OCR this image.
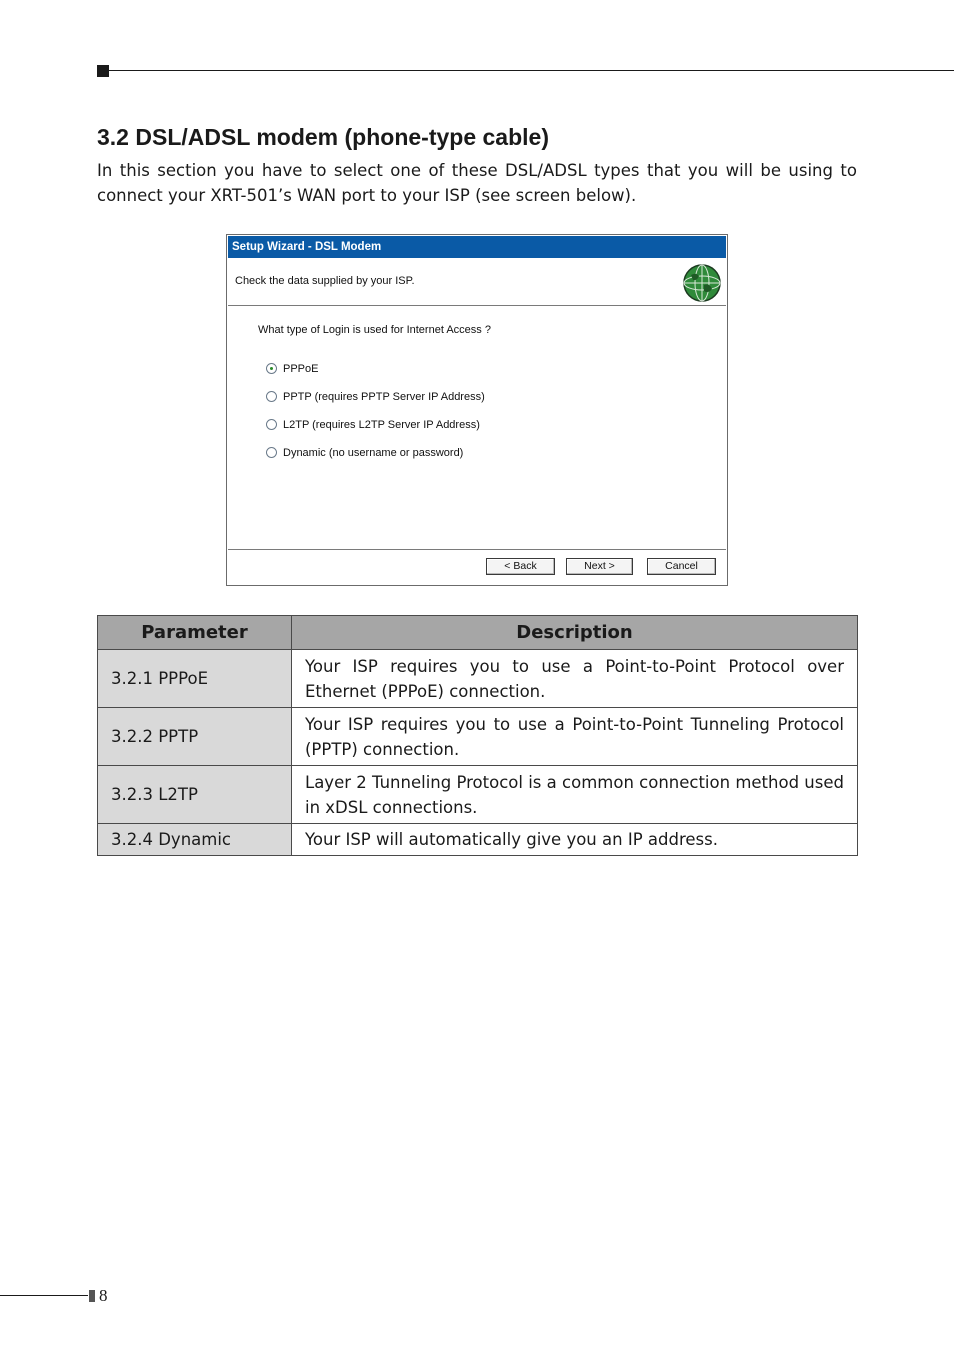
3.2 DSL/ADSL modem (phone-type cable)

In this section you have to select one of these DSL/ADSL types that you will be using to connect your XRT-501’s WAN port to your ISP (see screen below).

Setup Wizard - DSL Modem
Check the data supplied by your ISP.
What type of Login is used for Internet Access ?
PPPoE
PPTP (requires PPTP Server IP Address)
L2TP (requires L2TP Server IP Address)
Dynamic (no username or password)
< Back	Next >	Cancel
Parameter	Description
3.2.1 PPPoE	Your ISP requires you to use a Point-to-Point Protocol over Ethernet (PPPoE) connection.
3.2.2 PPTP	Your ISP requires you to use a Point-to-Point Tunneling Protocol (PPTP) connection.
3.2.3 L2TP	Layer 2 Tunneling Protocol is a common connection method used in xDSL connections.
3.2.4 Dynamic	Your ISP will automatically give you an IP address.
8
